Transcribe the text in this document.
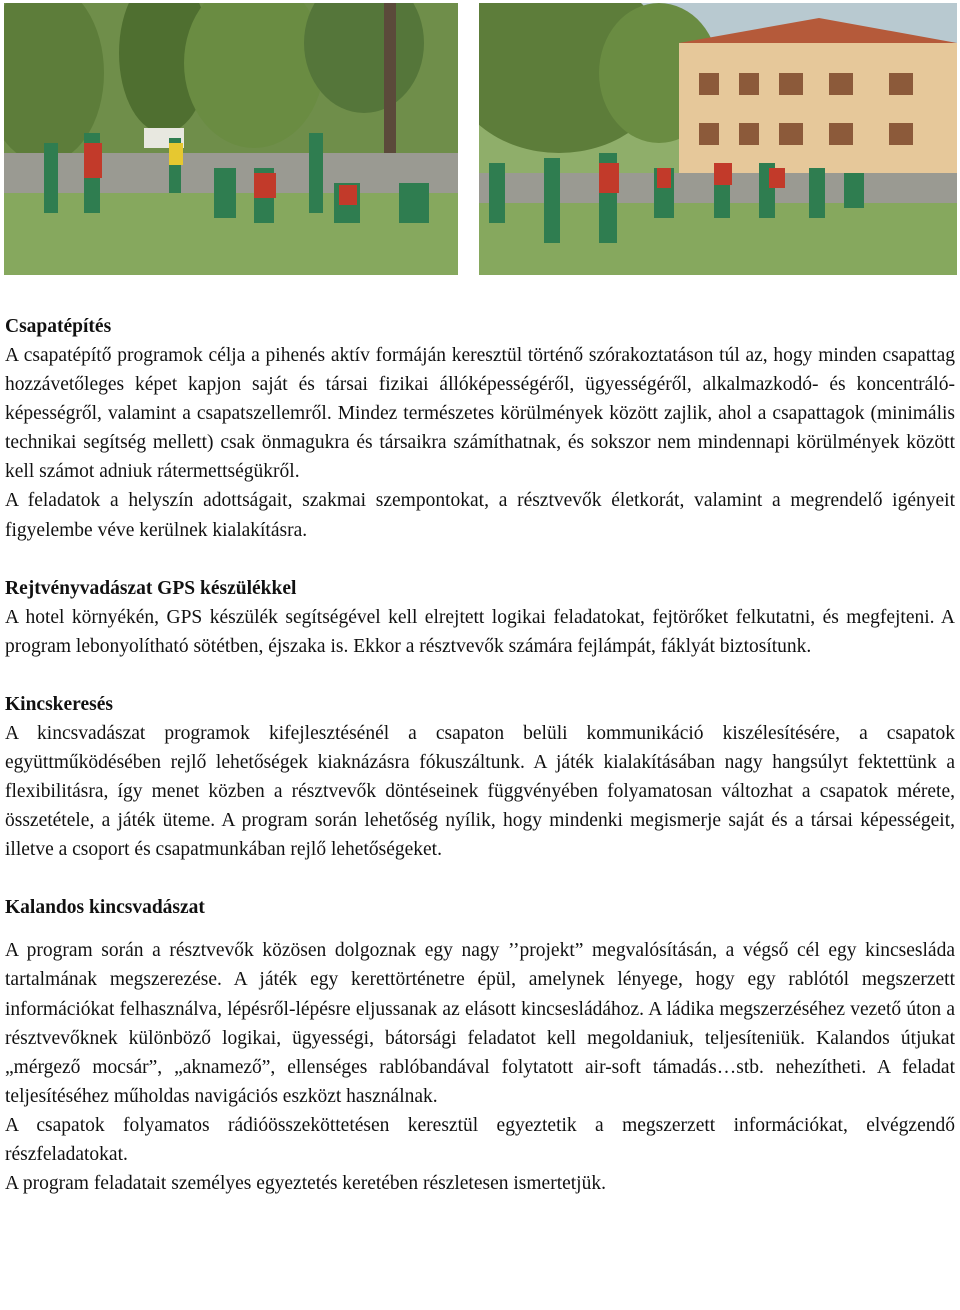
Csapatépítés

A csapatépítő programok célja a pihenés aktív formáján keresztül történő szórakoztatáson túl az, hogy minden csapattag hozzávetőleges képet kapjon saját és társai fizikai állóképességéről, ügyességéről, alkalmazkodó- és koncentráló-képességről, valamint a csapatszellemről. Mindez természetes körülmények között zajlik, ahol a csapattagok (minimális technikai segítség mellett) csak önmagukra és társaikra számíthatnak, és sokszor nem mindennapi körülmények között kell számot adniuk rátermettségükről.

A feladatok a helyszín adottságait, szakmai szempontokat, a résztvevők életkorát, valamint a megrendelő igényeit figyelembe véve kerülnek kialakításra.

Rejtvényvadászat GPS készülékkel

A hotel környékén, GPS készülék segítségével kell elrejtett logikai feladatokat, fejtörőket felkutatni, és megfejteni. A program lebonyolítható sötétben, éjszaka is. Ekkor a résztvevők számára fejlámpát, fáklyát biztosítunk.

Kincskeresés

A kincsvadászat programok kifejlesztésénél a csapaton belüli kommunikáció kiszélesítésére, a csapatok együttműködésében rejlő lehetőségek kiaknázásra fókuszáltunk. A játék kialakításában nagy hangsúlyt fektettünk a flexibilitásra, így menet közben a résztvevők döntéseinek függvényében folyamatosan változhat a csapatok mérete, összetétele, a játék üteme. A program során lehetőség nyílik, hogy mindenki megismerje saját és a társai képességeit, illetve a csoport és csapatmunkában rejlő lehetőségeket.

Kalandos kincsvadászat

A program során a résztvevők közösen dolgoznak egy nagy ’’projekt” megvalósításán, a végső cél egy kincsesláda tartalmának megszerezése. A játék egy kerettörténetre épül, amelynek lényege, hogy egy rablótól megszerzett információkat felhasználva, lépésről-lépésre eljussanak az elásott kincsesládához. A ládika megszerzéséhez vezető úton a résztvevőknek különböző logikai, ügyességi, bátorsági feladatot kell megoldaniuk, teljesíteniük. Kalandos útjukat „mérgező mocsár”, „aknamező”, ellenséges rablóbandával folytatott air-soft támadás…stb. nehezítheti. A feladat teljesítéséhez műholdas navigációs eszközt használnak.

A csapatok folyamatos rádióösszeköttetésen keresztül egyeztetik a megszerzett információkat, elvégzendő részfeladatokat.

A program feladatait személyes egyeztetés keretében részletesen ismertetjük.
